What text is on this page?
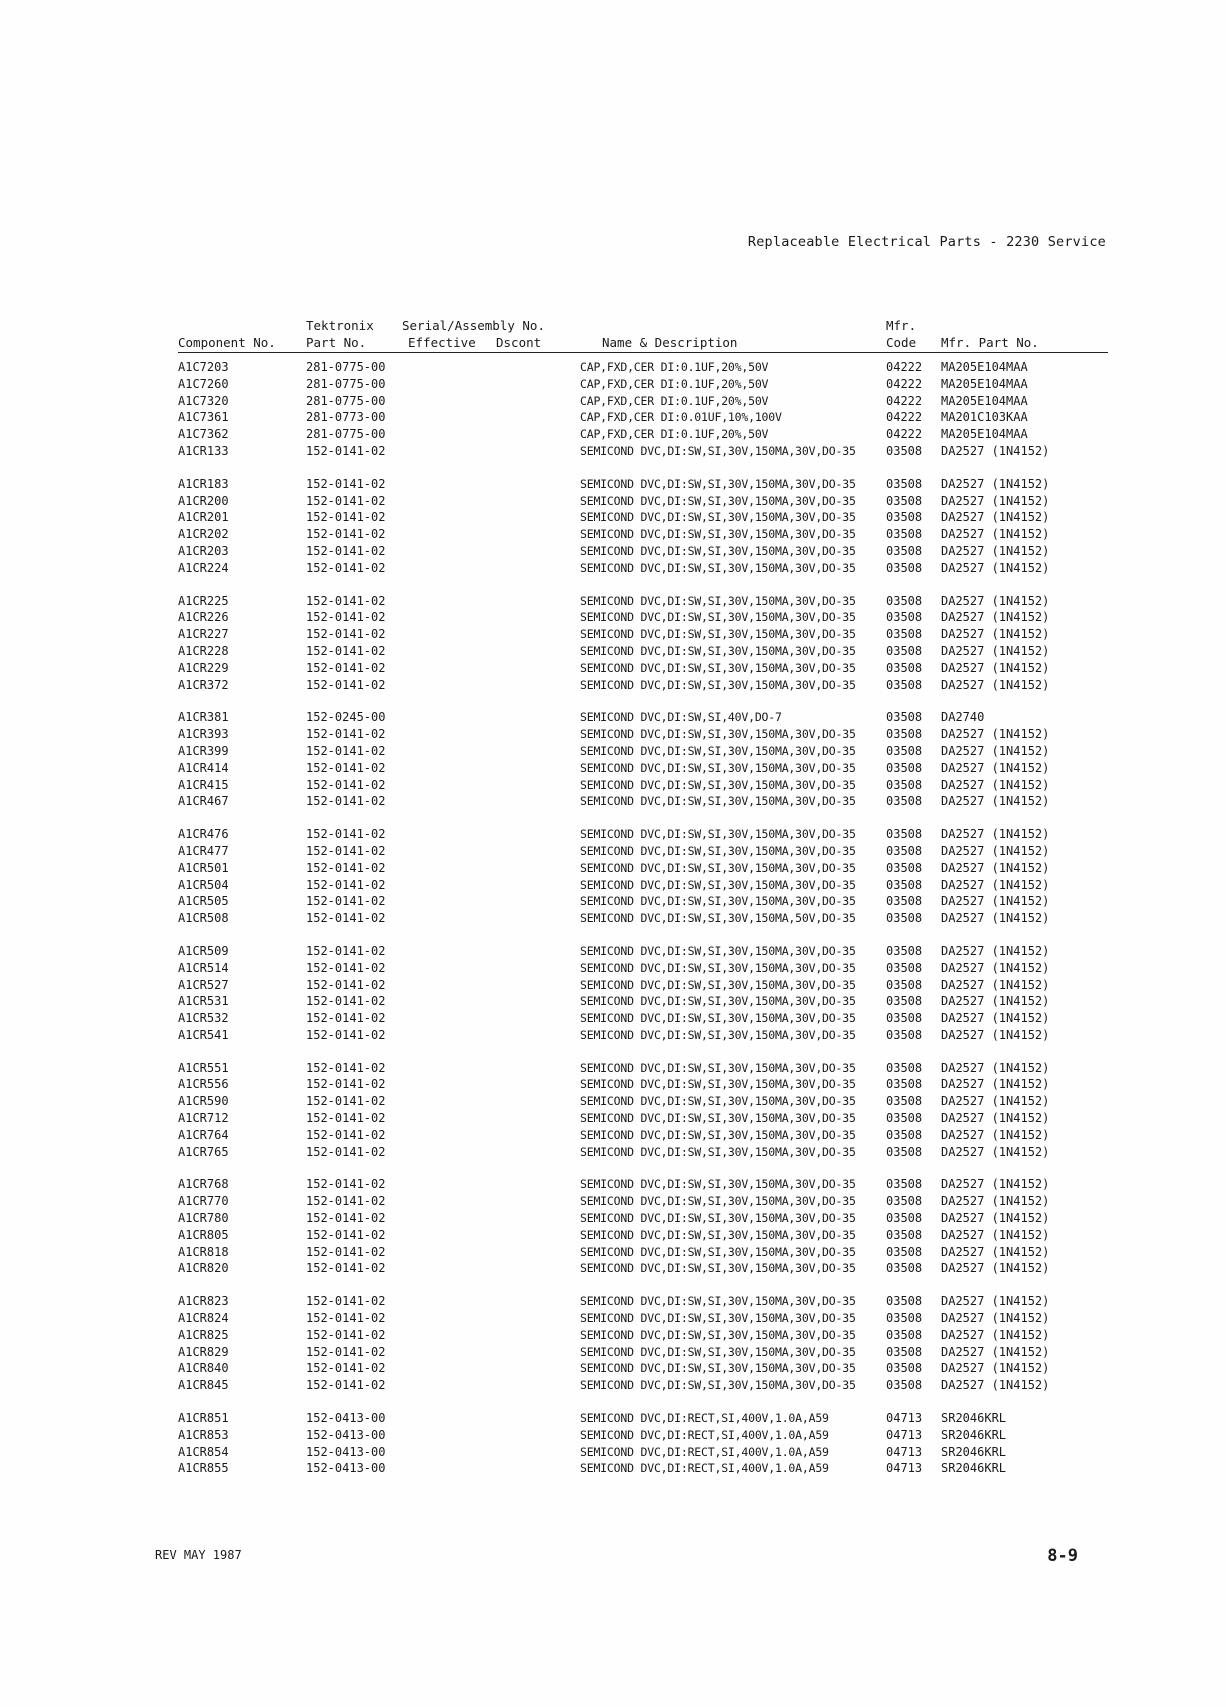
Replaceable Electrical Parts - 2230 Service
Tektronix Serial/Assembly No.	Mfr.
Component No. Part No.	Effective Dscont	Name & Description	Code Mfr. Part No.
A1C7203	281-0775-00	CAP,FXD,CER DI:0.1UF,20%,50V	04222 MA205E104MAA
A1C7260	281-0775-00	CAP,FXD,CER DI:0.1UF,20%,50V	04222 MA205E104MAA
A1C7320	281-0775-00	CAP,FXD,CER DI:0.1UF,20%,50V	04222 MA205E104MAA
A1C7361	281-0773-00	CAP,FXD,CER DI:0.01UF,10%,100V	04222 MA201C103KAA
A1C7362	281-0775-00	CAP,FXD,CER DI:0.1UF,20%,50V	04222 MA205E104MAA
A1CR133	152-0141-02	SEMICOND DVC,DI:SW,SI,30V,150MA,30V,DO-35	03508 DA2527 (1N4152)
A1CR183	152-0141-02	SEMICOND DVC,DI:SW,SI,30V,150MA,30V,DO-35	03508 DA2527 (1N4152)
A1CR200	152-0141-02	SEMICOND DVC,DI:SW,SI,30V,150MA,30V,DO-35	03508 DA2527 (1N4152)
A1CR201	152-0141-02	SEMICOND DVC,DI:SW,SI,30V,150MA,30V,DO-35	03508 DA2527 (1N4152)
A1CR202	152-0141-02	SEMICOND DVC,DI:SW,SI,30V,150MA,30V,DO-35	03508 DA2527 (1N4152)
A1CR203	152-0141-02	SEMICOND DVC,DI:SW,SI,30V,150MA,30V,DO-35	03508 DA2527 (1N4152)
A1CR224	152-0141-02	SEMICOND DVC,DI:SW,SI,30V,150MA,30V,DO-35	03508 DA2527 (1N4152)
A1CR225	152-0141-02	SEMICOND DVC,DI:SW,SI,30V,150MA,30V,DO-35	03508 DA2527 (1N4152)
A1CR226	152-0141-02	SEMICOND DVC,DI:SW,SI,30V,150MA,30V,DO-35	03508 DA2527 (1N4152)
A1CR227	152-0141-02	SEMICOND DVC,DI:SW,SI,30V,150MA,30V,DO-35	03508 DA2527 (1N4152)
A1CR228	152-0141-02	SEMICOND DVC,DI:SW,SI,30V,150MA,30V,DO-35	03508 DA2527 (1N4152)
A1CR229	152-0141-02	SEMICOND DVC,DI:SW,SI,30V,150MA,30V,DO-35	03508 DA2527 (1N4152)
A1CR372	152-0141-02	SEMICOND DVC,DI:SW,SI,30V,150MA,30V,DO-35	03508 DA2527 (1N4152)
A1CR381	152-0245-00	SEMICOND DVC,DI:SW,SI,40V,DO-7	03508 DA2740
A1CR393	152-0141-02	SEMICOND DVC,DI:SW,SI,30V,150MA,30V,DO-35	03508 DA2527 (1N4152)
A1CR399	152-0141-02	SEMICOND DVC,DI:SW,SI,30V,150MA,30V,DO-35	03508 DA2527 (1N4152)
A1CR414	152-0141-02	SEMICOND DVC,DI:SW,SI,30V,150MA,30V,DO-35	03508 DA2527 (1N4152)
A1CR415	152-0141-02	SEMICOND DVC,DI:SW,SI,30V,150MA,30V,DO-35	03508 DA2527 (1N4152)
A1CR467	152-0141-02	SEMICOND DVC,DI:SW,SI,30V,150MA,30V,DO-35	03508 DA2527 (1N4152)
A1CR476	152-0141-02	SEMICOND DVC,DI:SW,SI,30V,150MA,30V,DO-35	03508 DA2527 (1N4152)
A1CR477	152-0141-02	SEMICOND DVC,DI:SW,SI,30V,150MA,30V,DO-35	03508 DA2527 (1N4152)
A1CR501	152-0141-02	SEMICOND DVC,DI:SW,SI,30V,150MA,30V,DO-35	03508 DA2527 (1N4152)
A1CR504	152-0141-02	SEMICOND DVC,DI:SW,SI,30V,150MA,30V,DO-35	03508 DA2527 (1N4152)
A1CR505	152-0141-02	SEMICOND DVC,DI:SW,SI,30V,150MA,30V,DO-35	03508 DA2527 (1N4152)
A1CR508	152-0141-02	SEMICOND DVC,DI:SW,SI,30V,150MA,50V,DO-35	03508 DA2527 (1N4152)
A1CR509	152-0141-02	SEMICOND DVC,DI:SW,SI,30V,150MA,30V,DO-35	03508 DA2527 (1N4152)
A1CR514	152-0141-02	SEMICOND DVC,DI:SW,SI,30V,150MA,30V,DO-35	03508 DA2527 (1N4152)
A1CR527	152-0141-02	SEMICOND DVC,DI:SW,SI,30V,150MA,30V,DO-35	03508 DA2527 (1N4152)
A1CR531	152-0141-02	SEMICOND DVC,DI:SW,SI,30V,150MA,30V,DO-35	03508 DA2527 (1N4152)
A1CR532	152-0141-02	SEMICOND DVC,DI:SW,SI,30V,150MA,30V,DO-35	03508 DA2527 (1N4152)
A1CR541	152-0141-02	SEMICOND DVC,DI:SW,SI,30V,150MA,30V,DO-35	03508 DA2527 (1N4152)
A1CR551	152-0141-02	SEMICOND DVC,DI:SW,SI,30V,150MA,30V,DO-35	03508 DA2527 (1N4152)
A1CR556	152-0141-02	SEMICOND DVC,DI:SW,SI,30V,150MA,30V,DO-35	03508 DA2527 (1N4152)
A1CR590	152-0141-02	SEMICOND DVC,DI:SW,SI,30V,150MA,30V,DO-35	03508 DA2527 (1N4152)
A1CR712	152-0141-02	SEMICOND DVC,DI:SW,SI,30V,150MA,30V,DO-35	03508 DA2527 (1N4152)
A1CR764	152-0141-02	SEMICOND DVC,DI:SW,SI,30V,150MA,30V,DO-35	03508 DA2527 (1N4152)
A1CR765	152-0141-02	SEMICOND DVC,DI:SW,SI,30V,150MA,30V,DO-35	03508 DA2527 (1N4152)
A1CR768	152-0141-02	SEMICOND DVC,DI:SW,SI,30V,150MA,30V,DO-35	03508 DA2527 (1N4152)
A1CR770	152-0141-02	SEMICOND DVC,DI:SW,SI,30V,150MA,30V,DO-35	03508 DA2527 (1N4152)
A1CR780	152-0141-02	SEMICOND DVC,DI:SW,SI,30V,150MA,30V,DO-35	03508 DA2527 (1N4152)
A1CR805	152-0141-02	SEMICOND DVC,DI:SW,SI,30V,150MA,30V,DO-35	03508 DA2527 (1N4152)
A1CR818	152-0141-02	SEMICOND DVC,DI:SW,SI,30V,150MA,30V,DO-35	03508 DA2527 (1N4152)
A1CR820	152-0141-02	SEMICOND DVC,DI:SW,SI,30V,150MA,30V,DO-35	03508 DA2527 (1N4152)
A1CR823	152-0141-02	SEMICOND DVC,DI:SW,SI,30V,150MA,30V,DO-35	03508 DA2527 (1N4152)
A1CR824	152-0141-02	SEMICOND DVC,DI:SW,SI,30V,150MA,30V,DO-35	03508 DA2527 (1N4152)
A1CR825	152-0141-02	SEMICOND DVC,DI:SW,SI,30V,150MA,30V,DO-35	03508 DA2527 (1N4152)
A1CR829	152-0141-02	SEMICOND DVC,DI:SW,SI,30V,150MA,30V,DO-35	03508 DA2527 (1N4152)
A1CR840	152-0141-02	SEMICOND DVC,DI:SW,SI,30V,150MA,30V,DO-35	03508 DA2527 (1N4152)
A1CR845	152-0141-02	SEMICOND DVC,DI:SW,SI,30V,150MA,30V,DO-35	03508 DA2527 (1N4152)
A1CR851	152-0413-00	SEMICOND DVC,DI:RECT,SI,400V,1.0A,A59	04713 SR2046KRL
A1CR853	152-0413-00	SEMICOND DVC,DI:RECT,SI,400V,1.0A,A59	04713 SR2046KRL
A1CR854	152-0413-00	SEMICOND DVC,DI:RECT,SI,400V,1.0A,A59	04713 SR2046KRL
A1CR855	152-0413-00	SEMICOND DVC,DI:RECT,SI,400V,1.0A,A59	04713 SR2046KRL
REV MAY 1987	8-9
